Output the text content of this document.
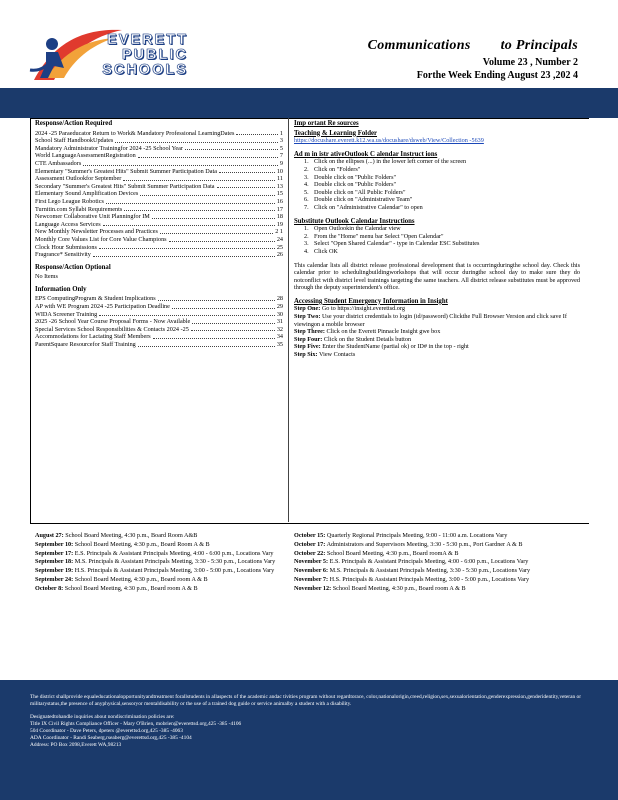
EVERETT
PUBLIC
SCHOOLS
Communications to Principals
Volume 23 , Number 2
Forthe Week Ending August 23 ,202 4
Response/Action Required
2024 -25 Paraeducator Return to Work& Mandatory Professional LearningDates	1
School Staff HandbookUpdates	3
Mandatory Administrator Trainingfor 2024 -25 School Year	5
World LanguageAssessmentRegistration	7
CTE Ambassadors	9
Elementary "Summer's Greatest Hits" Submit Summer Participation Data	10
Assessment Outlookfor September	11
Secondary "Summer's Greatest Hits" Submit Summer Participation Data	13
Elementary Sound Amplification Devices	15
First Lego League Robotics	16
Turnitin.com Syllabi Requirements	17
Newcomer Collaborative Unit Planningfor IM	18
Language Access Services	19
New Monthly Newsletter Processes and Practices	2 1
Monthly Core Values List for Core Value Champions	24
Clock Hour Submissions	25
Fragrance* Sensitivity	26
Response/Action Optional
No Items
Information Only
EPS ComputingProgram & Student Implications	28
AP with WE Program 2024 -25 Participation Deadline	29
WIDA Screener Training	30
2025 -26 School Year Course Proposal Forms - Now Available	31
Special Services School Responsibilities & Contacts 2024 -25	32
Accommodations for Lactating Staff Members	34
ParentSquare Resourcefor Staff Training	35
Imp ortant Re sources
Teaching & Learning Folder
https://docushare.everett.k12.wa.us/docushare/dsweb/View/Collection -5639
Ad m in istr ativeOutlook C alendar Instruct ions
1. Click on the ellipses (...) in the lower left corner of the screen
2. Click on "Folders"
3. Double click on "Public Folders"
4. Double click on "Public Folders"
5. Double click on "All Public Folders"
6. Double click on "Administrative Team"
7. Click on "Administrative Calendar" to open
Substitute Outlook Calendar Instructions
1. Open Outlookin the Calendar view
2. From the "Home" menu bar Select "Open Calendar"
3. Select "Open Shared Calendar" - type in Calendar ESC Substitutes
4. Click OK
This calendar lists all district release professional development that is occurringduringthe school day. Check this calendar prior to schedulingbuildingworkshops that will occur duringthe school day to make sure they do notconflict with district level trainings targeting the same teachers. All district release substitutes must be approved through the deputy superintendent's office.
Accessing Student Emergency Information in Insight
Step One: Go to https://insight.everettsd.org
Step Two: Use your district credentials to login (id/password) Clickthe Full Browser Version and click save If viewingon a mobile browser
Step Three: Click on the Everett Pinnacle Insight gwe box
Step Four: Click on the Student Details button
Step Five: Enter the StudentName (partial ok) or ID# in the top - right
Step Six: View Contacts
August 27: School Board Meeting, 4:30 p.m., Board Room A&B
September 10: School Board Meeting, 4:30 p.m., Board Room A & B
September 17: E.S. Principals & Assistant Principals Meeting, 4:00 - 6:00 p.m., Locations Vary
September 18: M.S. Principals & Assistant Principals Meeting, 3:30 - 5:30 p.m., Locations Vary
September 19: H.S. Principals & Assistant Principals Meeting, 3:00 - 5:00 p.m., Locations Vary
September 24: School Board Meeting, 4:30 p.m., Board room A & B
October 8: School Board Meeting, 4:30 p.m., Board room A & B
October 15: Quarterly Regional Principals Meeting, 9:00 - 11:00 a.m. Locations Vary
October 17: Administrators and Supervisors Meeting, 3:30 - 5:30 p.m., Port Gardner A & B
October 22: School Board Meeting, 4:30 p.m., Board roomA & B
November 5: E.S. Principals & Assistant Principals Meeting, 4:00 - 6:00 p.m., Locations Vary
November 6: M.S. Principals & Assistant Principals Meeting, 3:30 - 5:30 p.m., Locations Vary
November 7: H.S. Principals & Assistant Principals Meeting, 3:00 - 5:00 p.m., Locations Vary
November 12: School Board Meeting, 4:30 p.m., Board room A & B

The district shallprovide equaleducationalopportunityandtreatment forallstudents in allaspects of the academic andac tivities program without regardtorace, color,nationalorigin,creed,religion,sex,sexualorientation,genderexpression,genderidentity,veteran or militarystatus,the presence of anyphysical,sensoryor mentaldisability or the use of a trained dog guide or service animalby a student with a disability.

Designatedtohandle inquiries about nondiscrimination policies are:

Title IX Civil Rights Compliance Officer - Mary O'Brien, mobrien@everettsd.org,425 -385 -4106

504 Coordinator - Dave Peters, dpeters @everettsd.org,425 -385 -4063

ADA Coordinator - Randi Seaberg,rseaberg@everettsd.org,425 -385 -4104

Address: PO Box 2098,Everett WA,98213
